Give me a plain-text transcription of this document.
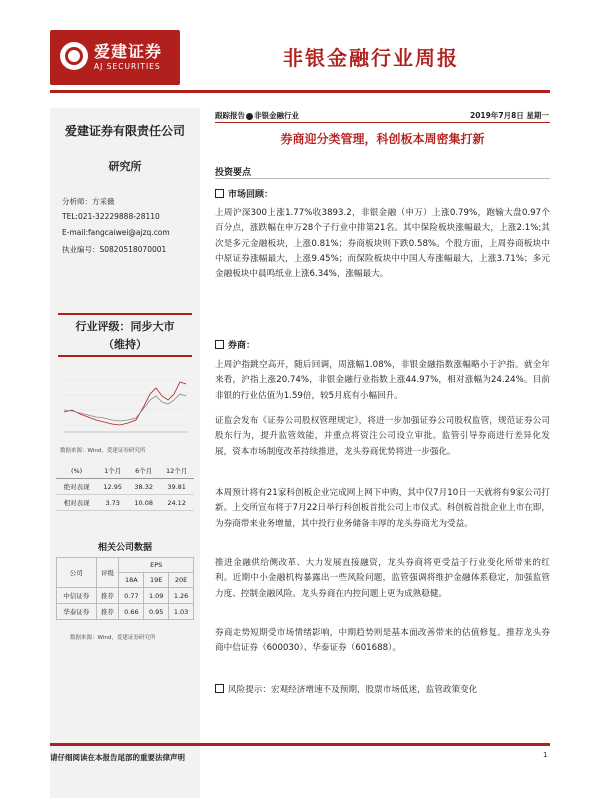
爱建证券
AJ SECURITIES	非银金融行业周报
爱建证券有限责任公司
研究所
分析师：方采薇
TEL:021-32229888-28110
E-mail:fangcaiwei@ajzq.com
执业编号：S0820518070001
行业评级：同步大市
（维持）
数据来源：Wind，爱建证券研究所
(%)	1个月	6个月	12个月
绝对表现	12.95	38.32	39.81
相对表现	3.73	10.08	24.12
相关公司数据
公司	评级	EPS		
		18A	19E	20E
中信证券	推荐	0.77	1.09	1.26
华泰证券	推荐	0.66	0.95	1.03
数据来源：Wind，爱建证券研究所
跟踪报告 非银金融行业	2019年7月8日 星期一
券商迎分类管理，科创板本周密集打新
投资要点
市场回顾：
上周沪深300上涨1.77%收3893.2，非银金融（申万）上涨0.79%，跑输大盘0.97个百分点，涨跌幅在申万28个子行业中排第21名。其中保险板块涨幅最大，上涨2.1%;其次是多元金融板块，上涨0.81%；券商板块则下跌0.58%。个股方面，上周券商板块中中原证券涨幅最大，上涨9.45%；而保险板块中中国人寿涨幅最大，上涨3.71%；多元金融板块中晨鸣纸业上涨6.34%，涨幅最大。
券商：
上周沪指跳空高开，随后回调，周涨幅1.08%，非银金融指数涨幅略小于沪指。就全年来看，沪指上涨20.74%，非银金融行业指数上涨44.97%，相对涨幅为24.24%。目前非银的行业估值为1.59倍，较5月底有小幅回升。
证监会发布《证券公司股权管理规定》，将进一步加强证券公司股权监管，规范证券公司股东行为，提升监管效能，并重点将资注公司设立审批。监管引导券商进行差异化发展，资本市场制度改革持续推进，龙头券商优势将进一步强化。
本周预计将有21家科创板企业完成网上网下申购，其中仅7月10日一天就将有9家公司打新。上交所宣布将于7月22日举行科创板首批公司上市仪式。科创板首批企业上市在即，为券商带来业务增量，其中投行业务储备丰厚的龙头券商尤为受益。
推进金融供给侧改革、大力发展直接融资，龙头券商将更受益于行业变化所带来的红利。近期中小金融机构暴露出一些风险问题，监管强调将维护金融体系稳定，加强监管力度、控制金融风险。龙头券商在内控问题上更为成熟稳健。
券商走势短期受市场情绪影响，中期趋势则是基本面改善带来的估值修复。推荐龙头券商中信证券（600030）、华泰证券（601688）。
风险提示：宏观经济增速不及预期，股票市场低迷，监管政策变化
请仔细阅读在本报告尾部的重要法律声明	1
